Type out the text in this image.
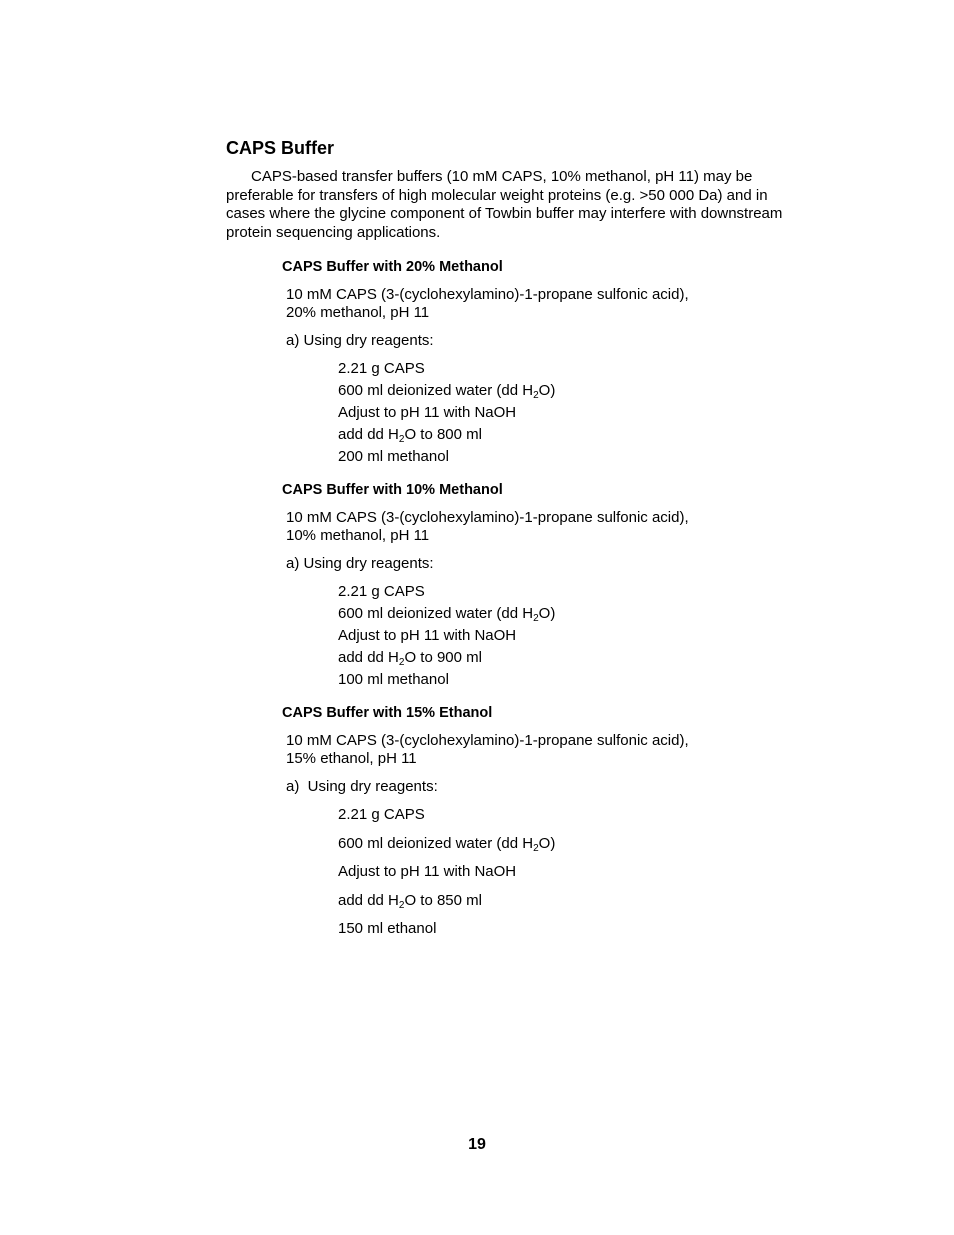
CAPS Buffer

CAPS-based transfer buffers (10 mM CAPS, 10% methanol, pH 11) may be preferable for transfers of high molecular weight proteins (e.g. >50 000 Da) and in cases where the glycine component of Towbin buffer may interfere with downstream protein sequencing applications.

CAPS Buffer with 20% Methanol

10 mM CAPS (3-(cyclohexylamino)-1-propane sulfonic acid),
20% methanol, pH 11

a) Using dry reagents:

2.21 g CAPS
600 ml deionized water (dd $H_2O$)
Adjust to pH 11 with NaOH
add dd $H_2O$ to 800 ml
200 ml methanol
CAPS Buffer with 10% Methanol

10 mM CAPS (3-(cyclohexylamino)-1-propane sulfonic acid),
10% methanol, pH 11

a) Using dry reagents:

2.21 g CAPS
600 ml deionized water (dd $H_2O$)
Adjust to pH 11 with NaOH
add dd $H_2O$ to 900 ml
100 ml methanol
CAPS Buffer with 15% Ethanol

10 mM CAPS (3-(cyclohexylamino)-1-propane sulfonic acid),
15% ethanol, pH 11

a)  Using dry reagents:

2.21 g CAPS
600 ml deionized water (dd $H_2O$)
Adjust to pH 11 with NaOH
add dd $H_2O$ to 850 ml
150 ml ethanol
19
